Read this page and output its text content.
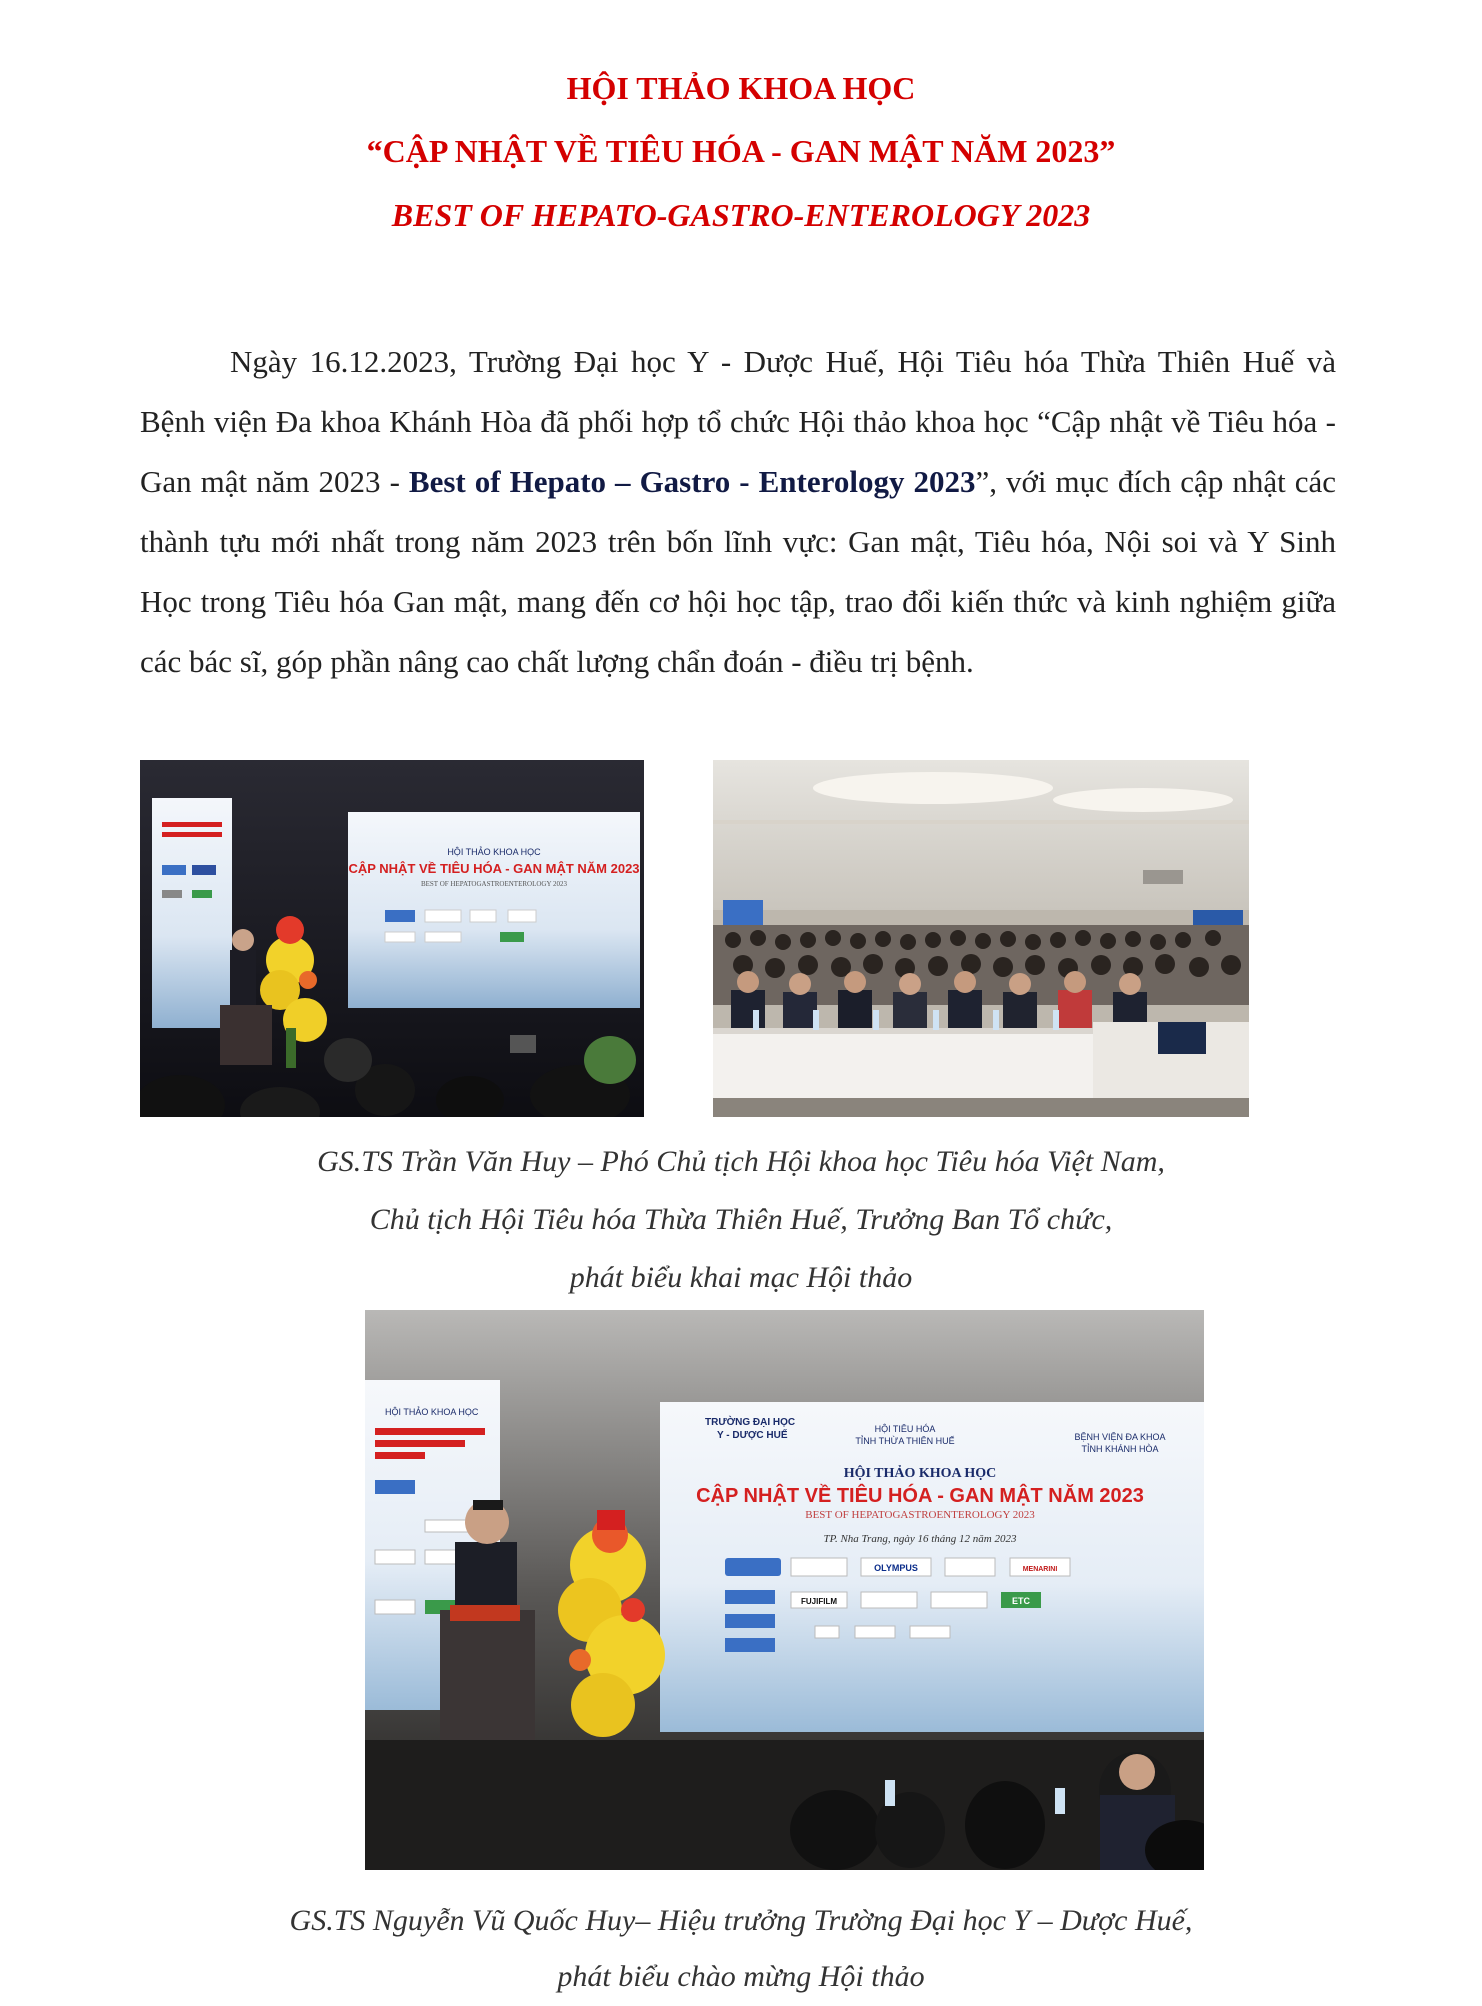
HỘI THẢO KHOA HỌC
“CẬP NHẬT VỀ TIÊU HÓA - GAN MẬT NĂM 2023”
BEST OF HEPATO-GASTRO-ENTEROLOGY 2023

Ngày 16.12.2023, Trường Đại học Y - Dược Huế, Hội Tiêu hóa Thừa Thiên Huế và Bệnh viện Đa khoa Khánh Hòa đã phối hợp tổ chức Hội thảo khoa học “Cập nhật về Tiêu hóa - Gan mật năm 2023 - Best of Hepato – Gastro - Enterology 2023”, với mục đích cập nhật các thành tựu mới nhất trong năm 2023 trên bốn lĩnh vực: Gan mật, Tiêu hóa, Nội soi và Y Sinh Học trong Tiêu hóa Gan mật, mang đến cơ hội học tập, trao đổi kiến thức và kinh nghiệm giữa các bác sĩ, góp phần nâng cao chất lượng chẩn đoán - điều trị bệnh.

HỘI THẢO KHOA HỌC
CẬP NHẬT VỀ TIÊU HÓA - GAN MẬT NĂM 2023
BEST OF HEPATOGASTROENTEROLOGY 2023

GS.TS Trần Văn Huy – Phó Chủ tịch Hội khoa học Tiêu hóa Việt Nam,

Chủ tịch Hội Tiêu hóa Thừa Thiên Huế, Trưởng Ban Tổ chức,

phát biểu khai mạc Hội thảo

HỘI THẢO KHOA HỌC
TRƯỜNG ĐẠI HỌC
Y - DƯỢC HUẾ
HỘI TIÊU HÓA
TỈNH THỪA THIÊN HUẾ	BỆNH VIỆN ĐA KHOA
TỈNH KHÁNH HÒA
HỘI THẢO KHOA HỌC
CẬP NHẬT VỀ TIÊU HÓA - GAN MẬT NĂM 2023
BEST OF HEPATOGASTROENTEROLOGY 2023
TP. Nha Trang, ngày 16 tháng 12 năm 2023
OLYMPUS	MENARINI
FUJIFILM	ETC

GS.TS Nguyễn Vũ Quốc Huy– Hiệu trưởng Trường Đại học Y – Dược Huế,

phát biểu chào mừng Hội thảo
